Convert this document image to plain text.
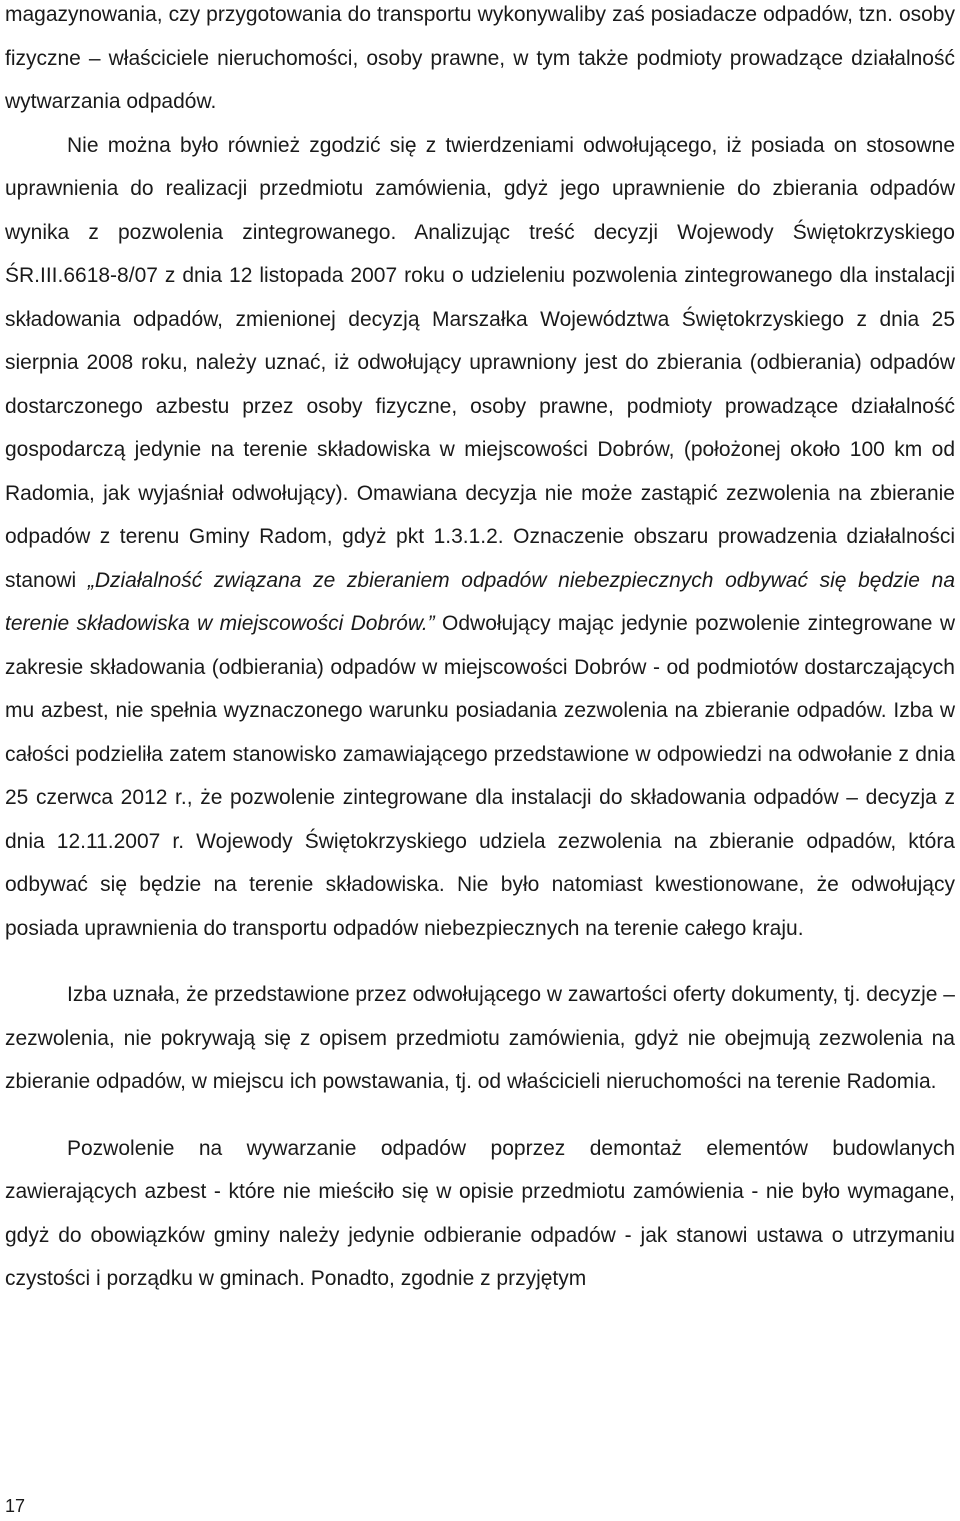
magazynowania, czy przygotowania do transportu wykonywaliby zaś posiadacze odpadów, tzn. osoby fizyczne – właściciele nieruchomości, osoby prawne, w tym także podmioty prowadzące działalność wytwarzania odpadów.

Nie można było również zgodzić się z twierdzeniami odwołującego, iż posiada on stosowne uprawnienia do realizacji przedmiotu zamówienia, gdyż jego uprawnienie do zbierania odpadów wynika z pozwolenia zintegrowanego. Analizując treść decyzji Wojewody Świętokrzyskiego ŚR.III.6618-8/07 z dnia 12 listopada 2007 roku o udzieleniu pozwolenia zintegrowanego dla instalacji składowania odpadów, zmienionej decyzją Marszałka Województwa Świętokrzyskiego z dnia 25 sierpnia 2008 roku, należy uznać, iż odwołujący uprawniony jest do zbierania (odbierania) odpadów dostarczonego azbestu przez osoby fizyczne, osoby prawne, podmioty prowadzące działalność gospodarczą jedynie na terenie składowiska w miejscowości Dobrów, (położonej około 100 km od Radomia, jak wyjaśniał odwołujący). Omawiana decyzja nie może zastąpić zezwolenia na zbieranie odpadów z terenu Gminy Radom, gdyż pkt 1.3.1.2. Oznaczenie obszaru prowadzenia działalności stanowi „Działalność związana ze zbieraniem odpadów niebezpiecznych odbywać się będzie na terenie składowiska w miejscowości Dobrów.” Odwołujący mając jedynie pozwolenie zintegrowane w zakresie składowania (odbierania) odpadów w miejscowości Dobrów - od podmiotów dostarczających mu azbest, nie spełnia wyznaczonego warunku posiadania zezwolenia na zbieranie odpadów. Izba w całości podzieliła zatem stanowisko zamawiającego przedstawione w odpowiedzi na odwołanie z dnia 25 czerwca 2012 r., że pozwolenie zintegrowane dla instalacji do składowania odpadów – decyzja z dnia 12.11.2007 r. Wojewody Świętokrzyskiego udziela zezwolenia na zbieranie odpadów, która odbywać się będzie na terenie składowiska. Nie było natomiast kwestionowane, że odwołujący posiada uprawnienia do transportu odpadów niebezpiecznych na terenie całego kraju.

Izba uznała, że przedstawione przez odwołującego w zawartości oferty dokumenty, tj. decyzje – zezwolenia, nie pokrywają się z opisem przedmiotu zamówienia, gdyż nie obejmują zezwolenia na zbieranie odpadów, w miejscu ich powstawania, tj. od właścicieli nieruchomości na terenie Radomia.

Pozwolenie na wywarzanie odpadów poprzez demontaż elementów budowlanych zawierających azbest - które nie mieściło się w opisie przedmiotu zamówienia - nie było wymagane, gdyż do obowiązków gminy należy jedynie odbieranie odpadów - jak stanowi ustawa o utrzymaniu czystości i porządku w gminach. Ponadto, zgodnie z przyjętym

17
